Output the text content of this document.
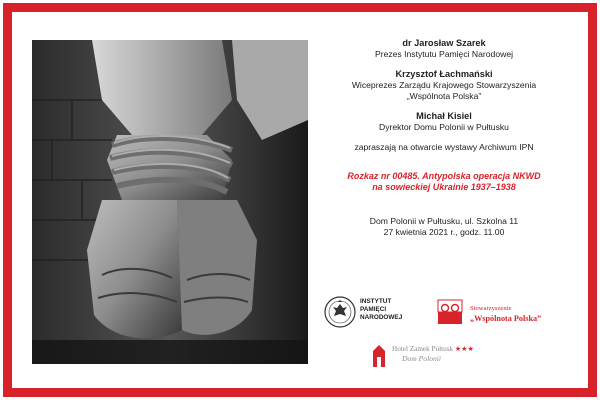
dr Jarosław Szarek

Prezes Instytutu Pamięci Narodowej

Krzysztof Łachmański

Wiceprezes Zarządu Krajowego Stowarzyszenia

„Wspólnota Polska”

Michał Kisiel

Dyrektor Domu Polonii w Pułtusku

zapraszają na otwarcie wystawy Archiwum IPN
Rozkaz nr 00485. Antypolska operacja NKWD
na sowieckiej Ukrainie 1937–1938
Dom Polonii w Pułtusku, ul. Szkolna 11
27 kwietnia 2021 r., godz. 11.00
INSTYTUT
PAMIĘCI
NARODOWEJ
Stowarzyszenie
„Wspólnota Polska”
Hotel Zamek Pułtusk ★★★
Dom Polonii
